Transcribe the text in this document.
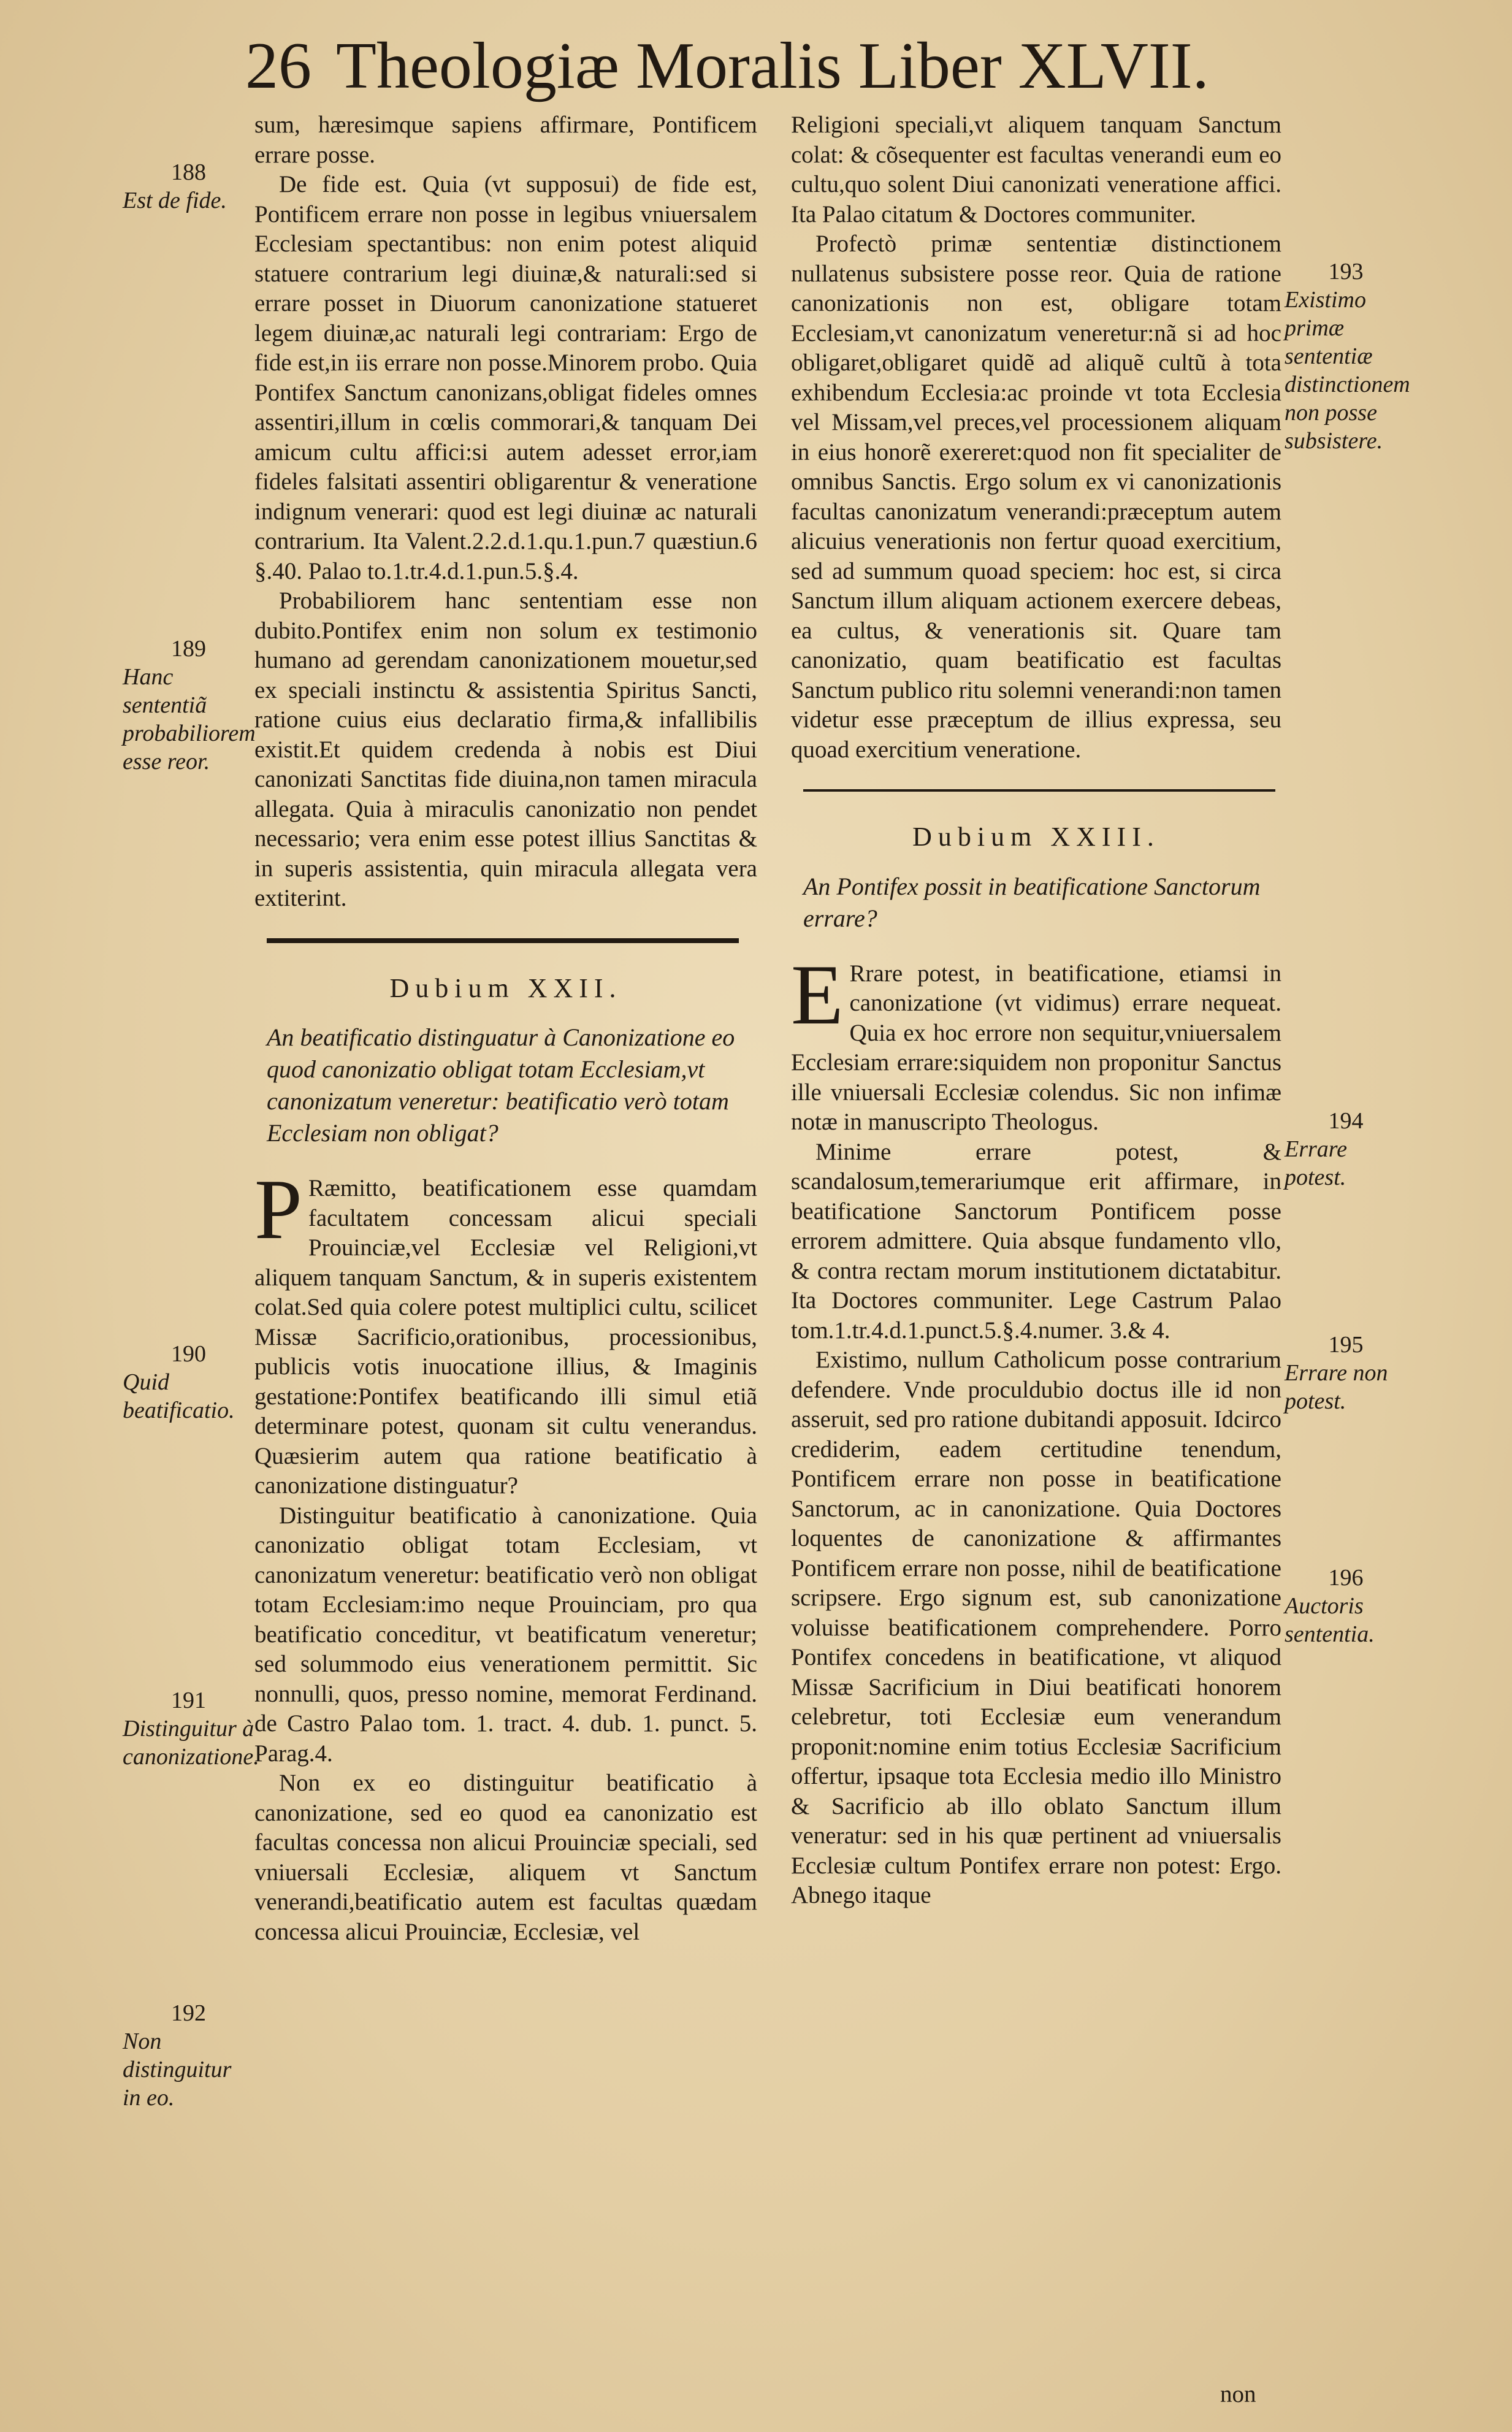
26 Theologiæ Moralis Liber XLVII.

sum, hæresimque sapiens affirmare, Pontificem errare posse.

De fide est. Quia (vt supposui) de fide est, Pontificem errare non posse in legibus vniuersalem Ecclesiam spectantibus: non enim potest aliquid statuere contrarium legi diuinæ,& naturali:sed si errare posset in Diuorum canonizatione statueret legem diuinæ,ac naturali legi contrariam: Ergo de fide est,in iis errare non posse.Minorem probo. Quia Pontifex Sanctum canonizans,obligat fideles omnes assentiri,illum in cœlis commorari,& tanquam Dei amicum cultu affici:si autem adesset error,iam fideles falsitati assentiri obligarentur & veneratione indignum venerari: quod est legi diuinæ ac naturali contrarium. Ita Valent.2.2.d.1.qu.1.pun.7 quæstiun.6 §.40. Palao to.1.tr.4.d.1.pun.5.§.4.

Probabiliorem hanc sententiam esse non dubito.Pontifex enim non solum ex testimonio humano ad gerendam canonizationem mouetur,sed ex speciali instinctu & assistentia Spiritus Sancti, ratione cuius eius declaratio firma,& infallibilis existit.Et quidem credenda à nobis est Diui canonizati Sanctitas fide diuina,non tamen miracula allegata. Quia à miraculis canonizatio non pendet necessario; vera enim esse potest illius Sanctitas & in superis assistentia, quin miracula allegata vera extiterint.

Dubium XXII.
An beatificatio distinguatur à Canonizatione eo quod canonizatio obligat totam Ecclesiam,vt canonizatum veneretur: beatificatio verò totam Ecclesiam non obligat?

P Ræmitto, beatificationem esse quamdam facultatem concessam alicui speciali Prouinciæ,vel Ecclesiæ vel Religioni,vt aliquem tanquam Sanctum, & in superis existentem colat.Sed quia colere potest multiplici cultu, scilicet Missæ Sacrificio,orationibus, processionibus, publicis votis inuocatione illius, & Imaginis gestatione:Pontifex beatificando illi simul etiã determinare potest, quonam sit cultu venerandus. Quæsierim autem qua ratione beatificatio à canonizatione distinguatur?

Distinguitur beatificatio à canonizatione. Quia canonizatio obligat totam Ecclesiam, vt canonizatum veneretur: beatificatio verò non obligat totam Ecclesiam:imo neque Prouinciam, pro qua beatificatio conceditur, vt beatificatum veneretur; sed solummodo eius venerationem permittit. Sic nonnulli, quos, presso nomine, memorat Ferdinand. de Castro Palao tom. 1. tract. 4. dub. 1. punct. 5. Parag.4.

Non ex eo distinguitur beatificatio à canonizatione, sed eo quod ea canonizatio est facultas concessa non alicui Prouinciæ speciali, sed vniuersali Ecclesiæ, aliquem vt Sanctum venerandi,beatificatio autem est facultas quædam concessa alicui Prouinciæ, Ecclesiæ, vel

Religioni speciali,vt aliquem tanquam Sanctum colat: & cõsequenter est facultas venerandi eum eo cultu,quo solent Diui canonizati veneratione affici. Ita Palao citatum & Doctores communiter.

Profectò primæ sententiæ distinctionem nullatenus subsistere posse reor. Quia de ratione canonizationis non est, obligare totam Ecclesiam,vt canonizatum veneretur:nã si ad hoc obligaret,obligaret quidẽ ad aliquẽ cultũ à tota exhibendum Ecclesia:ac proinde vt tota Ecclesia vel Missam,vel preces,vel processionem aliquam in eius honorẽ exereret:quod non fit specialiter de omnibus Sanctis. Ergo solum ex vi canonizationis facultas canonizatum venerandi:præceptum autem alicuius venerationis non fertur quoad exercitium, sed ad summum quoad speciem: hoc est, si circa Sanctum illum aliquam actionem exercere debeas, ea cultus, & venerationis sit. Quare tam canonizatio, quam beatificatio est facultas Sanctum publico ritu solemni venerandi:non tamen videtur esse præceptum de illius expressa, seu quoad exercitium veneratione.

Dubium XXIII.
An Pontifex possit in beatificatione Sanctorum errare?

E Rrare potest, in beatificatione, etiamsi in canonizatione (vt vidimus) errare nequeat. Quia ex hoc errore non sequitur,vniuersalem Ecclesiam errare:siquidem non proponitur Sanctus ille vniuersali Ecclesiæ colendus. Sic non infimæ notæ in manuscripto Theologus.

Minime errare potest, & scandalosum,temerariumque erit affirmare, in beatificatione Sanctorum Pontificem posse errorem admittere. Quia absque fundamento vllo, & contra rectam morum institutionem dictatabitur. Ita Doctores communiter. Lege Castrum Palao tom.1.tr.4.d.1.punct.5.§.4.numer. 3.& 4.

Existimo, nullum Catholicum posse contrarium defendere. Vnde proculdubio doctus ille id non asseruit, sed pro ratione dubitandi apposuit. Idcirco crediderim, eadem certitudine tenendum, Pontificem errare non posse in beatificatione Sanctorum, ac in canonizatione. Quia Doctores loquentes de canonizatione & affirmantes Pontificem errare non posse, nihil de beatificatione scripsere. Ergo signum est, sub canonizatione voluisse beatificationem comprehendere. Porro Pontifex concedens in beatificatione, vt aliquod Missæ Sacrificium in Diui beatificati honorem celebretur, toti Ecclesiæ eum venerandum proponit:nomine enim totius Ecclesiæ Sacrificium offertur, ipsaque tota Ecclesia medio illo Ministro & Sacrificio ab illo oblato Sanctum illum veneratur: sed in his quæ pertinent ad vniuersalis Ecclesiæ cultum Pontifex errare non potest: Ergo. Abnego itaque

non
188
Est de fide.
189
Hanc sententiã probabiliorem esse reor.
190
Quid beatificatio.
191
Distinguitur à canonizatione.
192
Non distinguitur in eo.
193
Existimo primæ sententiæ distinctionem non posse subsistere.
194
Errare potest.
195
Errare non potest.
196
Auctoris sententia.
